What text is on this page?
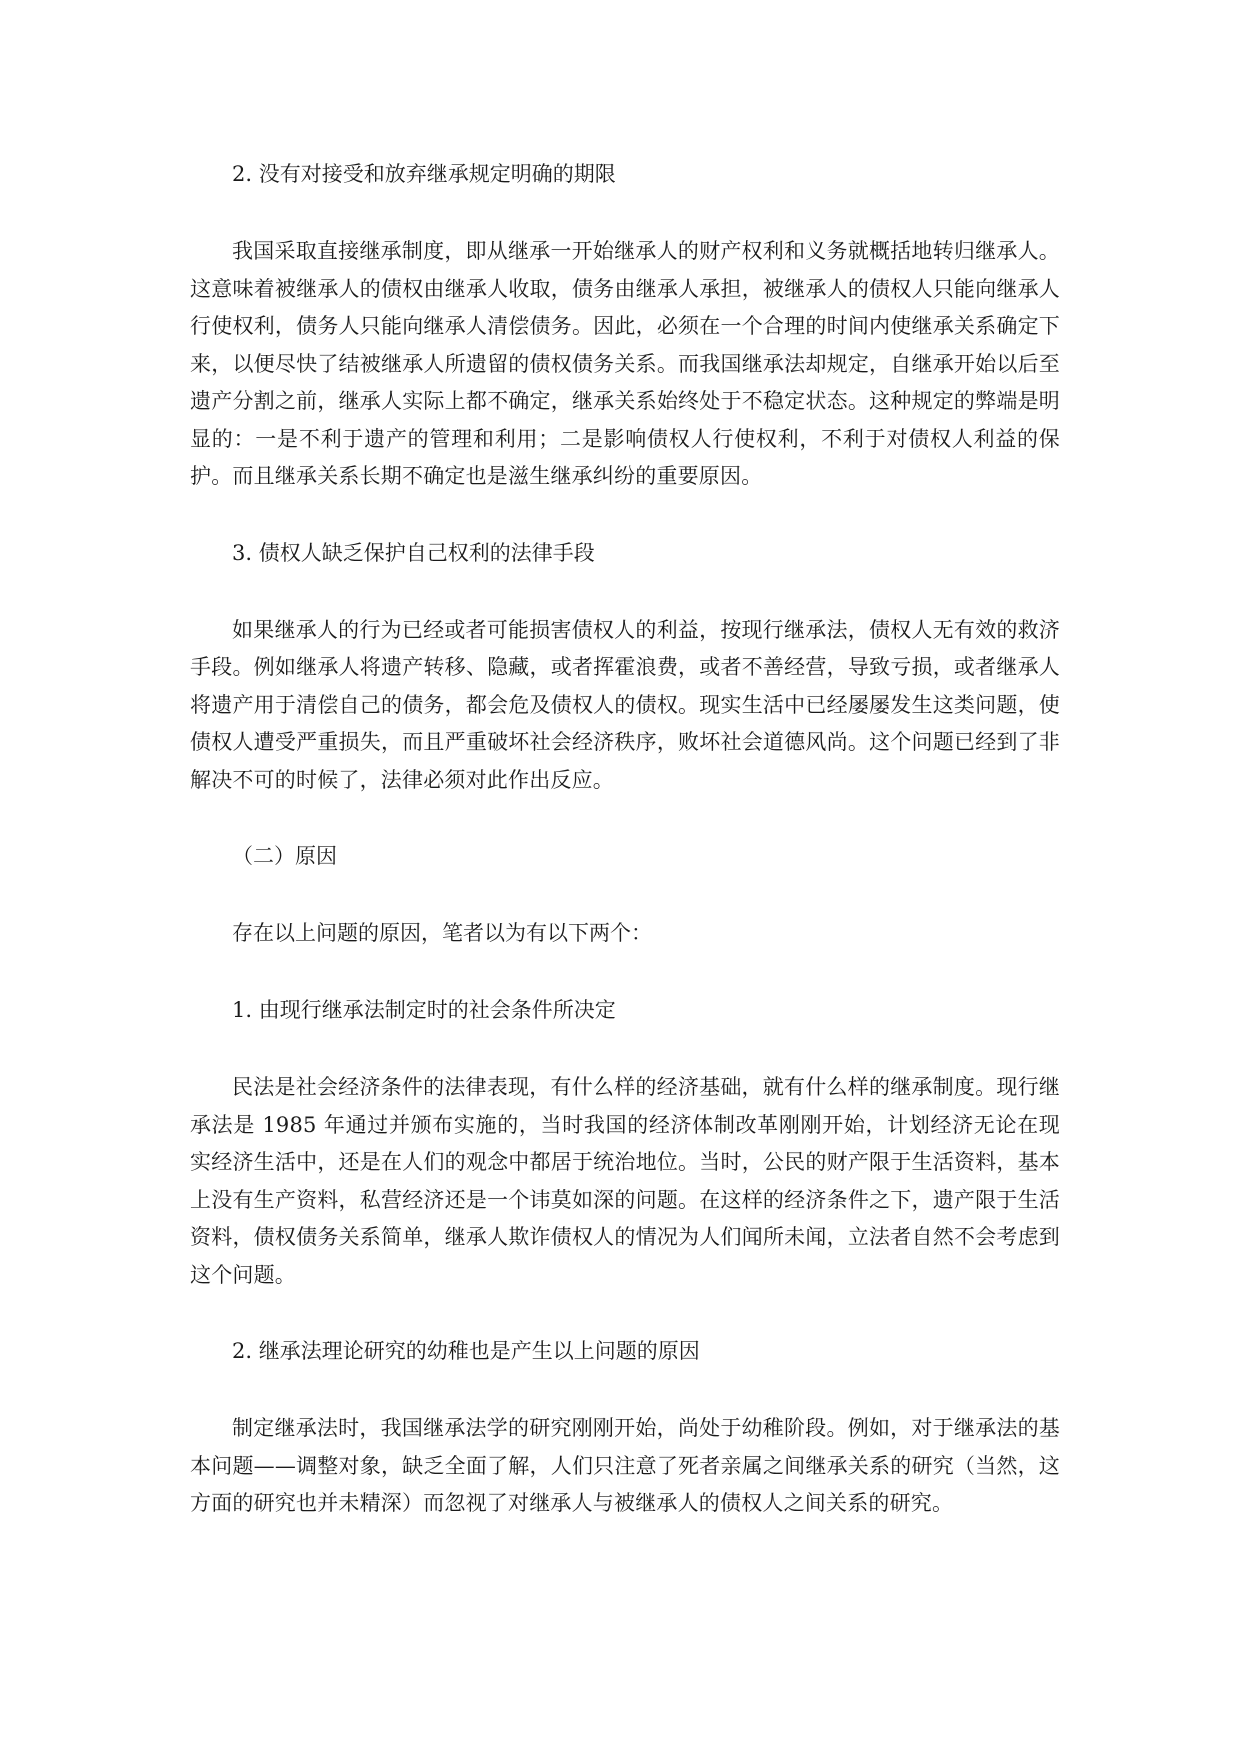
2. 没有对接受和放弃继承规定明确的期限

我国采取直接继承制度，即从继承一开始继承人的财产权利和义务就概括地转归继承人。这意味着被继承人的债权由继承人收取，债务由继承人承担，被继承人的债权人只能向继承人行使权利，债务人只能向继承人清偿债务。因此，必须在一个合理的时间内使继承关系确定下来，以便尽快了结被继承人所遗留的债权债务关系。而我国继承法却规定，自继承开始以后至遗产分割之前，继承人实际上都不确定，继承关系始终处于不稳定状态。这种规定的弊端是明显的：一是不利于遗产的管理和利用；二是影响债权人行使权利，不利于对债权人利益的保护。而且继承关系长期不确定也是滋生继承纠纷的重要原因。

3. 债权人缺乏保护自己权利的法律手段

如果继承人的行为已经或者可能损害债权人的利益，按现行继承法，债权人无有效的救济手段。例如继承人将遗产转移、隐藏，或者挥霍浪费，或者不善经营，导致亏损，或者继承人将遗产用于清偿自己的债务，都会危及债权人的债权。现实生活中已经屡屡发生这类问题，使债权人遭受严重损失，而且严重破坏社会经济秩序，败坏社会道德风尚。这个问题已经到了非解决不可的时候了，法律必须对此作出反应。

（二）原因

存在以上问题的原因，笔者以为有以下两个：

1. 由现行继承法制定时的社会条件所决定

民法是社会经济条件的法律表现，有什么样的经济基础，就有什么样的继承制度。现行继承法是 1985 年通过并颁布实施的，当时我国的经济体制改革刚刚开始，计划经济无论在现实经济生活中，还是在人们的观念中都居于统治地位。当时，公民的财产限于生活资料，基本上没有生产资料，私营经济还是一个讳莫如深的问题。在这样的经济条件之下，遗产限于生活资料，债权债务关系简单，继承人欺诈债权人的情况为人们闻所未闻，立法者自然不会考虑到这个问题。

2. 继承法理论研究的幼稚也是产生以上问题的原因

制定继承法时，我国继承法学的研究刚刚开始，尚处于幼稚阶段。例如，对于继承法的基本问题——调整对象，缺乏全面了解，人们只注意了死者亲属之间继承关系的研究（当然，这方面的研究也并未精深）而忽视了对继承人与被继承人的债权人之间关系的研究。
